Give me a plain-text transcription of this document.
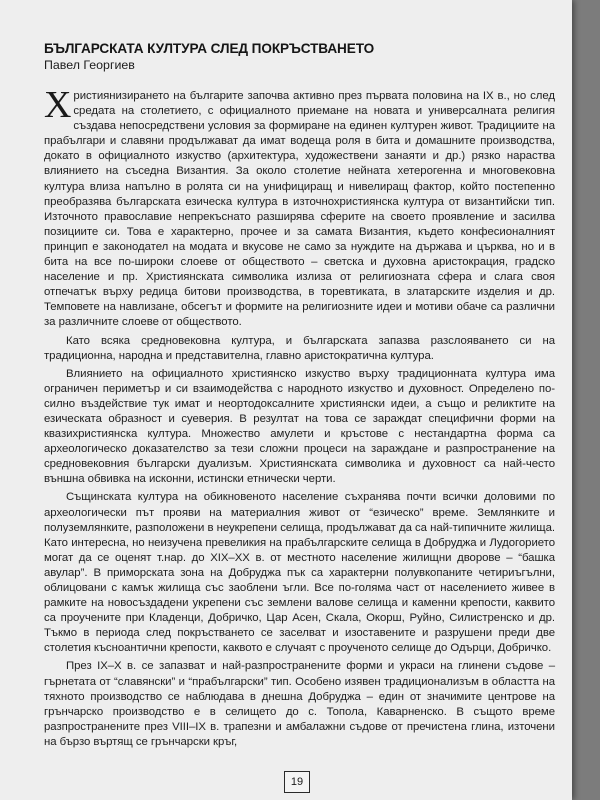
БЪЛГАРСКАТА КУЛТУРА СЛЕД ПОКРЪСТВАНЕТО
Павел Георгиев

Християнизирането на българите започва активно през първата половина на IX в., но след средата на столетието, с официалното приемане на новата и универсалната религия създава непосредствени условия за формиране на единен културен живот. Традициите на прабългари и славяни продължават да имат водеща роля в бита и домашните производства, докато в официалното изкуство (архитектура, художествени занаяти и др.) рязко нараства влиянието на съседна Византия. За около столетие нейната хетерогенна и многовековна култура влиза напълно в ролята си на унифициращ и нивелиращ фактор, който постепенно преобразява българската езическа култура в източнохристиянска култура от византийски тип. Източното православие непрекъснато разширява сферите на своето проявление и засилва позициите си. Това е характерно, прочее и за самата Византия, където конфесионалният принцип е законодател на модата и вкусове не само за нуждите на държава и църква, но и в бита на все по-широки слоеве от обществото – светска и духовна аристокрация, градско население и пр. Християнската символика излиза от религиозната сфера и слага своя отпечатък върху редица битови производства, в торевтиката, в златарските изделия и др. Темповете на навлизане, обсегът и формите на религиозните идеи и мотиви обаче са различни за различните слоеве от обществото.

Като всяка средновековна култура, и българската запазва разслояването си на традиционна, народна и представителна, главно аристократична култура.

Влиянието на официалното християнско изкуство върху традиционната култура има ограничен периметър и си взаимодейства с народното изкуство и духовност. Определено по-силно въздействие тук имат и неортодоксалните християнски идеи, а също и реликтите на езическата образност и суеверия. В резултат на това се зараждат специфични форми на квазихристиянска култура. Множество амулети и кръстове с нестандартна форма са археологическо доказателство за тези сложни процеси на зараждане и разпространение на средновековния български дуализъм. Християнската символика и духовност са най-често външна обвивка на исконни, истински етнически черти.

Същинската култура на обикновеното население съхранява почти всички доловими по археологически път прояви на материалния живот от “езическо” време. Землянките и полуземлянките, разположени в неукрепени селища, продължават да са най-типичните жилища. Като интересна, но неизучена превеликия на прабългарските селища в Добруджа и Лудогорието могат да се оценят т.нар. до XIX–XX в. от местното население жилищни дворове – “башка авулар”. В приморската зона на Добруджа пък са характерни полувкопаните четириъгълни, облицовани с камък жилища със заоблени ъгли. Все по-голяма част от населението живее в рамките на новосъздадени укрепени със землени валове селища и каменни крепости, каквито са проучените при Кладенци, Добричко, Цар Асен, Скала, Окорш, Руйно, Силистренско и др. Тъкмо в периода след покръстването се заселват и изоставените и разрушени преди две столетия късноантични крепости, каквото е случаят с проученото селище до Одърци, Добричко.

През IX–X в. се запазват и най-разпространените форми и украси на глинени съдове – гърнетата от “славянски” и “прабългарски” тип. Особено изявен традиционализъм в областта на тяхното производство се наблюдава в днешна Добруджа – един от значимите центрове на грънчарско производство е в селището до с. Топола, Каварненско. В същото време разпространените през VIII–IX в. трапезни и амбалажни съдове от пречистена глина, източени на бързо въртящ се грънчарски кръг,

19
